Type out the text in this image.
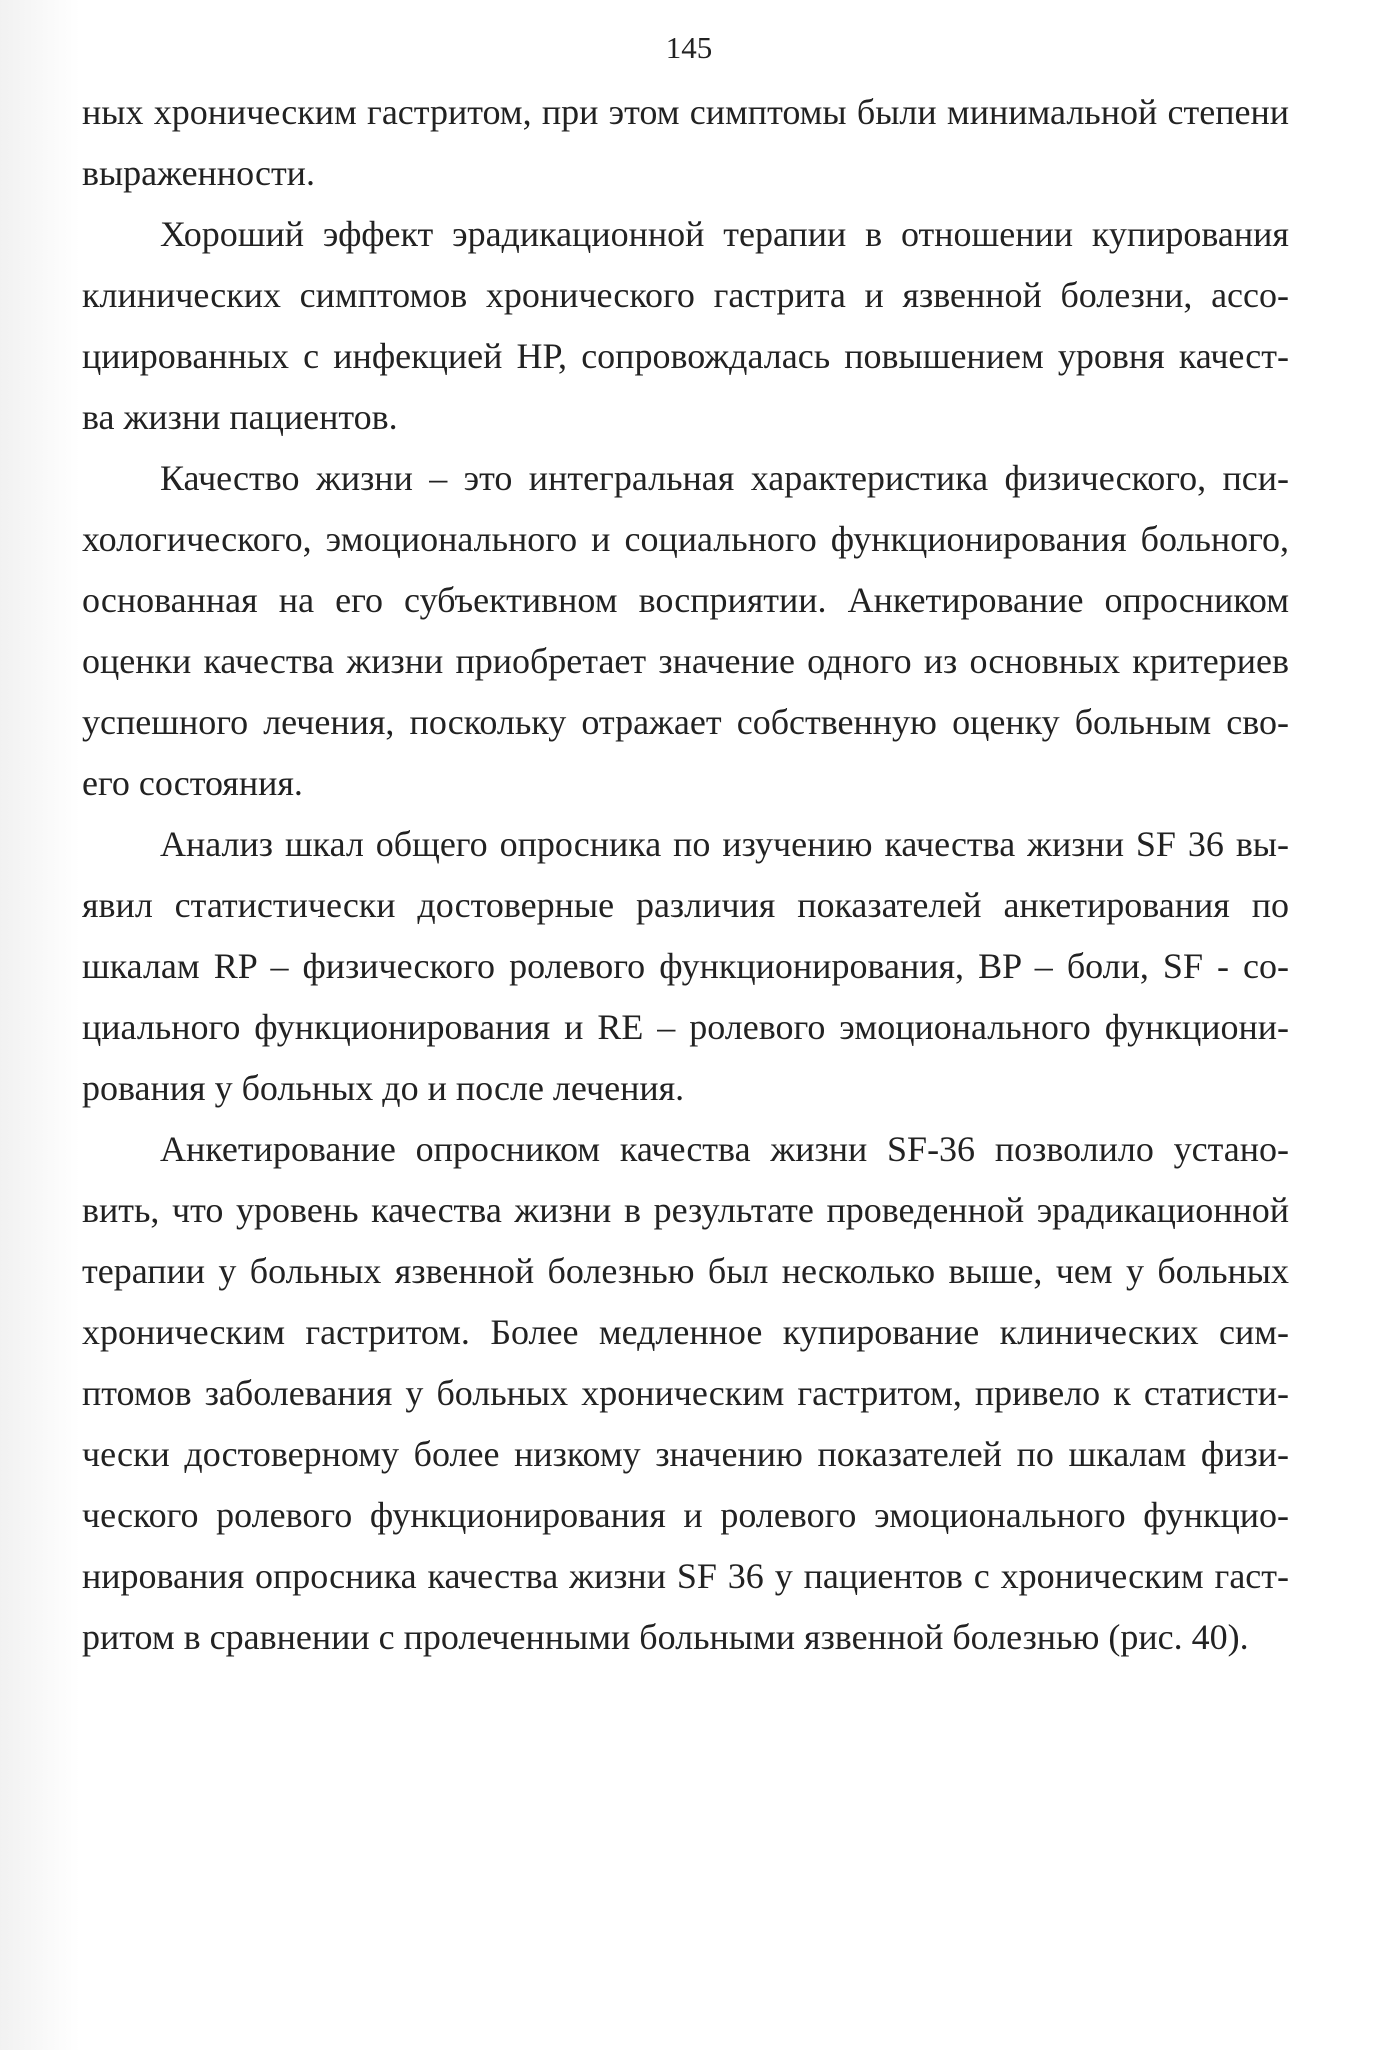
145
ных хроническим гастритом, при этом симптомы были минимальной степени
выраженности.
Хороший эффект эрадикационной терапии в отношении купирования
клинических симптомов хронического гастрита и язвенной болезни, ассо-
циированных с инфекцией НР, сопровождалась повышением уровня качест-
ва жизни пациентов.
Качество жизни – это интегральная характеристика физического, пси-
хологического, эмоционального и социального функционирования больного,
основанная на его субъективном восприятии. Анкетирование опросником
оценки качества жизни приобретает значение одного из основных критериев
успешного лечения, поскольку отражает собственную оценку больным сво-
его состояния.
Анализ шкал общего опросника по изучению качества жизни SF 36 вы-
явил статистически достоверные различия показателей анкетирования по
шкалам RP – физического ролевого функционирования, BP – боли, SF - со-
циального функционирования и RE – ролевого эмоционального функциони-
рования у больных до и после лечения.
Анкетирование опросником качества жизни SF-36 позволило устано-
вить, что уровень качества жизни в результате проведенной эрадикационной
терапии у больных язвенной болезнью был несколько выше, чем у больных
хроническим гастритом. Более медленное купирование клинических сим-
птомов заболевания у больных хроническим гастритом, привело к статисти-
чески достоверному более низкому значению показателей по шкалам физи-
ческого ролевого функционирования и ролевого эмоционального функцио-
нирования опросника качества жизни SF 36 у пациентов с хроническим гаст-
ритом в сравнении с пролеченными больными язвенной болезнью (рис. 40).
